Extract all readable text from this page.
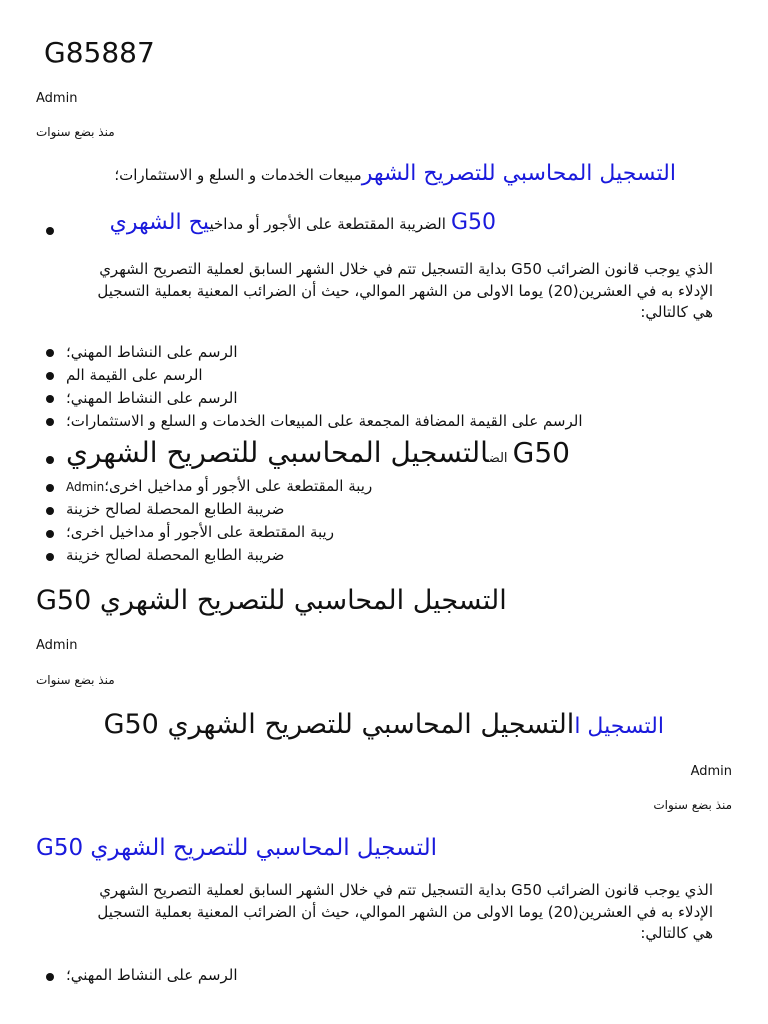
G85887
Admin
منذ بضع سنوات
التسجيل المحاسبي للتصريح الشهرمبيعات الخدمات و السلع و الاستثمارات؛
G50 الضريبة المقتطعة على الأجور أو مداخييح الشهري
الذي يوجب قانون الضرائب G50 بداية التسجيل تتم في خلال الشهر السابق لعملية التصريح الشهري
الإدلاء به في العشرين(20) يوما الاولى من الشهر الموالي، حيث أن الضرائب المعنية بعملية التسجيل
هي كالتالي:
الرسم على النشاط المهني؛
الرسم على القيمة الم
الرسم على النشاط المهني؛
الرسم على القيمة المضافة المجمعة على المبيعات الخدمات و السلع و الاستثمارات؛
G50 الضالتسجيل المحاسبي للتصريح الشهري
ريبة المقتطعة على الأجور أو مداخيل اخرى؛Admin
ضريبة الطابع المحصلة لصالح خزينة
ريبة المقتطعة على الأجور أو مداخيل اخرى؛
ضريبة الطابع المحصلة لصالح خزينة
التسجيل المحاسبي للتصريح الشهري G50
Admin
منذ بضع سنوات
التسجيل االتسجيل المحاسبي للتصريح الشهري G50
Admin
منذ بضع سنوات
التسجيل المحاسبي للتصريح الشهري G50
الذي يوجب قانون الضرائب G50 بداية التسجيل تتم في خلال الشهر السابق لعملية التصريح الشهري
الإدلاء به في العشرين(20) يوما الاولى من الشهر الموالي، حيث أن الضرائب المعنية بعملية التسجيل
هي كالتالي:
الرسم على النشاط المهني؛
